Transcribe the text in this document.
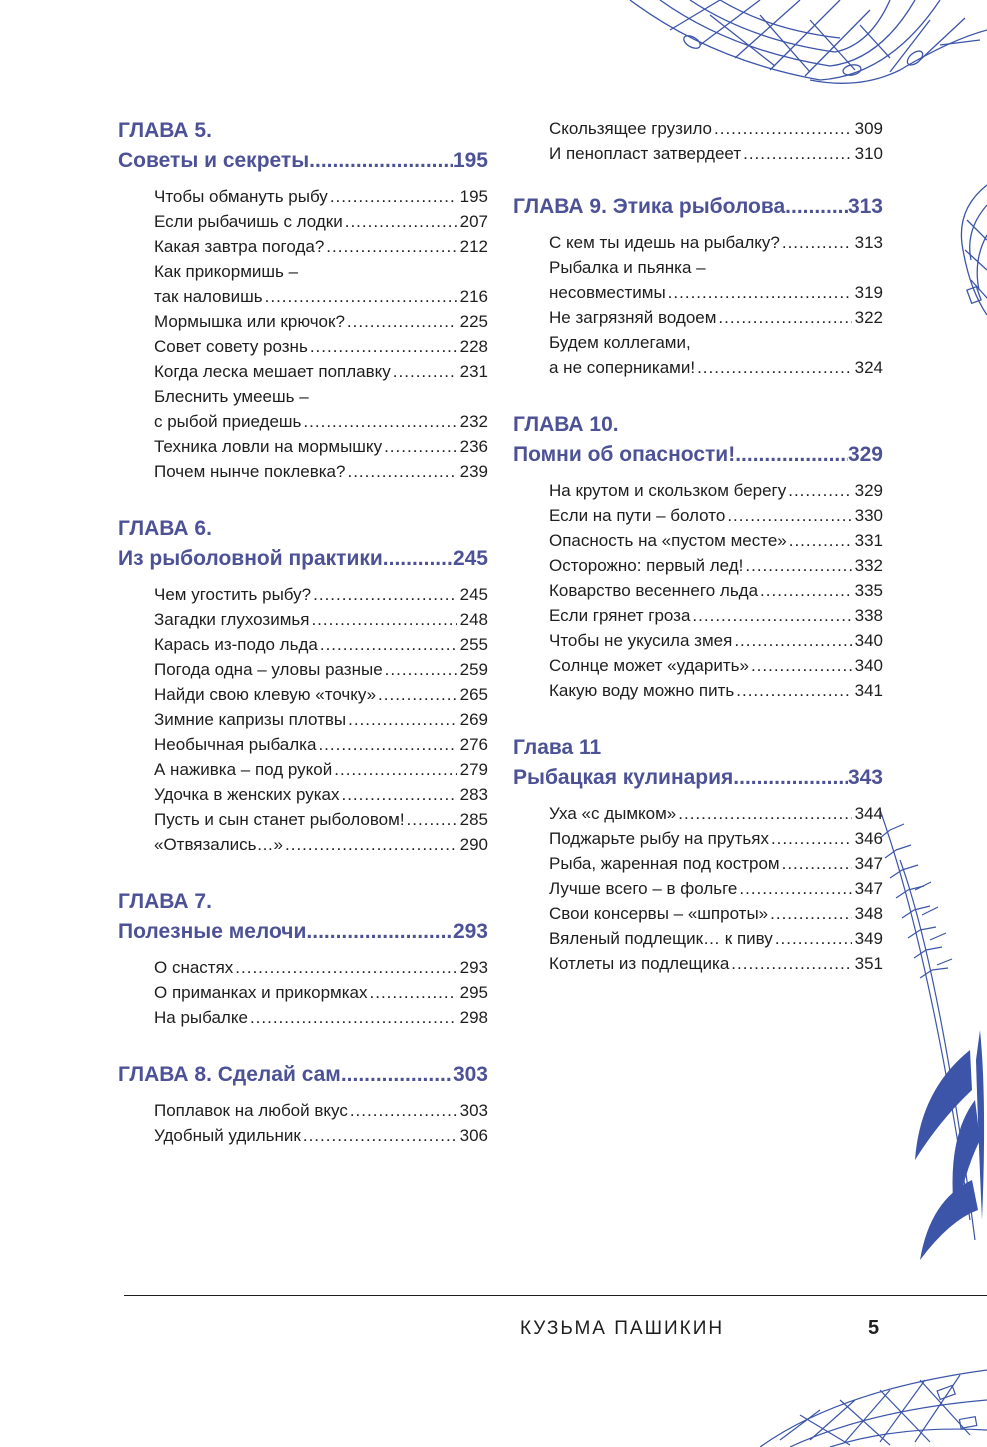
ГЛАВА 5.
Советы и секреты .....	195
Чтобы обмануть рыбу .....	195
Если рыбачишь с лодки .....	207
Какая завтра погода? .....	212
Как прикормишь –
так наловишь .....	216
Мормышка или крючок? .....	225
Совет совету рознь .....	228
Когда леска мешает поплавку .....	231
Блеснить умеешь –
с рыбой приедешь .....	232
Техника ловли на мормышку .....	236
Почем нынче поклевка? .....	239
ГЛАВА 6.
Из рыболовной практики .....	245
Чем угостить рыбу? .....	245
Загадки глухозимья .....	248
Карась из-подо льда .....	255
Погода одна – уловы разные .....	259
Найди свою клевую «точку» .....	265
Зимние капризы плотвы .....	269
Необычная рыбалка .....	276
А наживка – под рукой .....	279
Удочка в женских руках .....	283
Пусть и сын станет рыболовом! .....	285
«Отвязались…» .....	290
ГЛАВА 7.
Полезные мелочи .....	293
О снастях .....	293
О приманках и прикормках .....	295
На рыбалке .....	298
ГЛАВА 8. Сделай сам .....	303
Поплавок на любой вкус .....	303
Удобный удильник .....	306
Скользящее грузило .....	309
И пенопласт затвердеет .....	310
ГЛАВА 9. Этика рыболова .....	313
С кем ты идешь на рыбалку? .....	313
Рыбалка и пьянка –
несовместимы .....	319
Не загрязняй водоем .....	322
Будем коллегами,
а не соперниками! .....	324
ГЛАВА 10.
Помни об опасности! .....	329
На крутом и скользком берегу .....	329
Если на пути – болото .....	330
Опасность на «пустом месте» .....	331
Осторожно: первый лед! .....	332
Коварство весеннего льда .....	335
Если грянет гроза .....	338
Чтобы не укусила змея .....	340
Солнце может «ударить» .....	340
Какую воду можно пить .....	341
Глава 11
Рыбацкая кулинария .....	343
Уха «с дымком» .....	344
Поджарьте рыбу на прутьях .....	346
Рыба, жаренная под костром .....	347
Лучше всего – в фольге .....	347
Свои консервы – «шпроты» .....	348
Вяленый подлещик… к пиву .....	349
Котлеты из подлещика .....	351
КУЗЬМА ПАШИКИН	5
